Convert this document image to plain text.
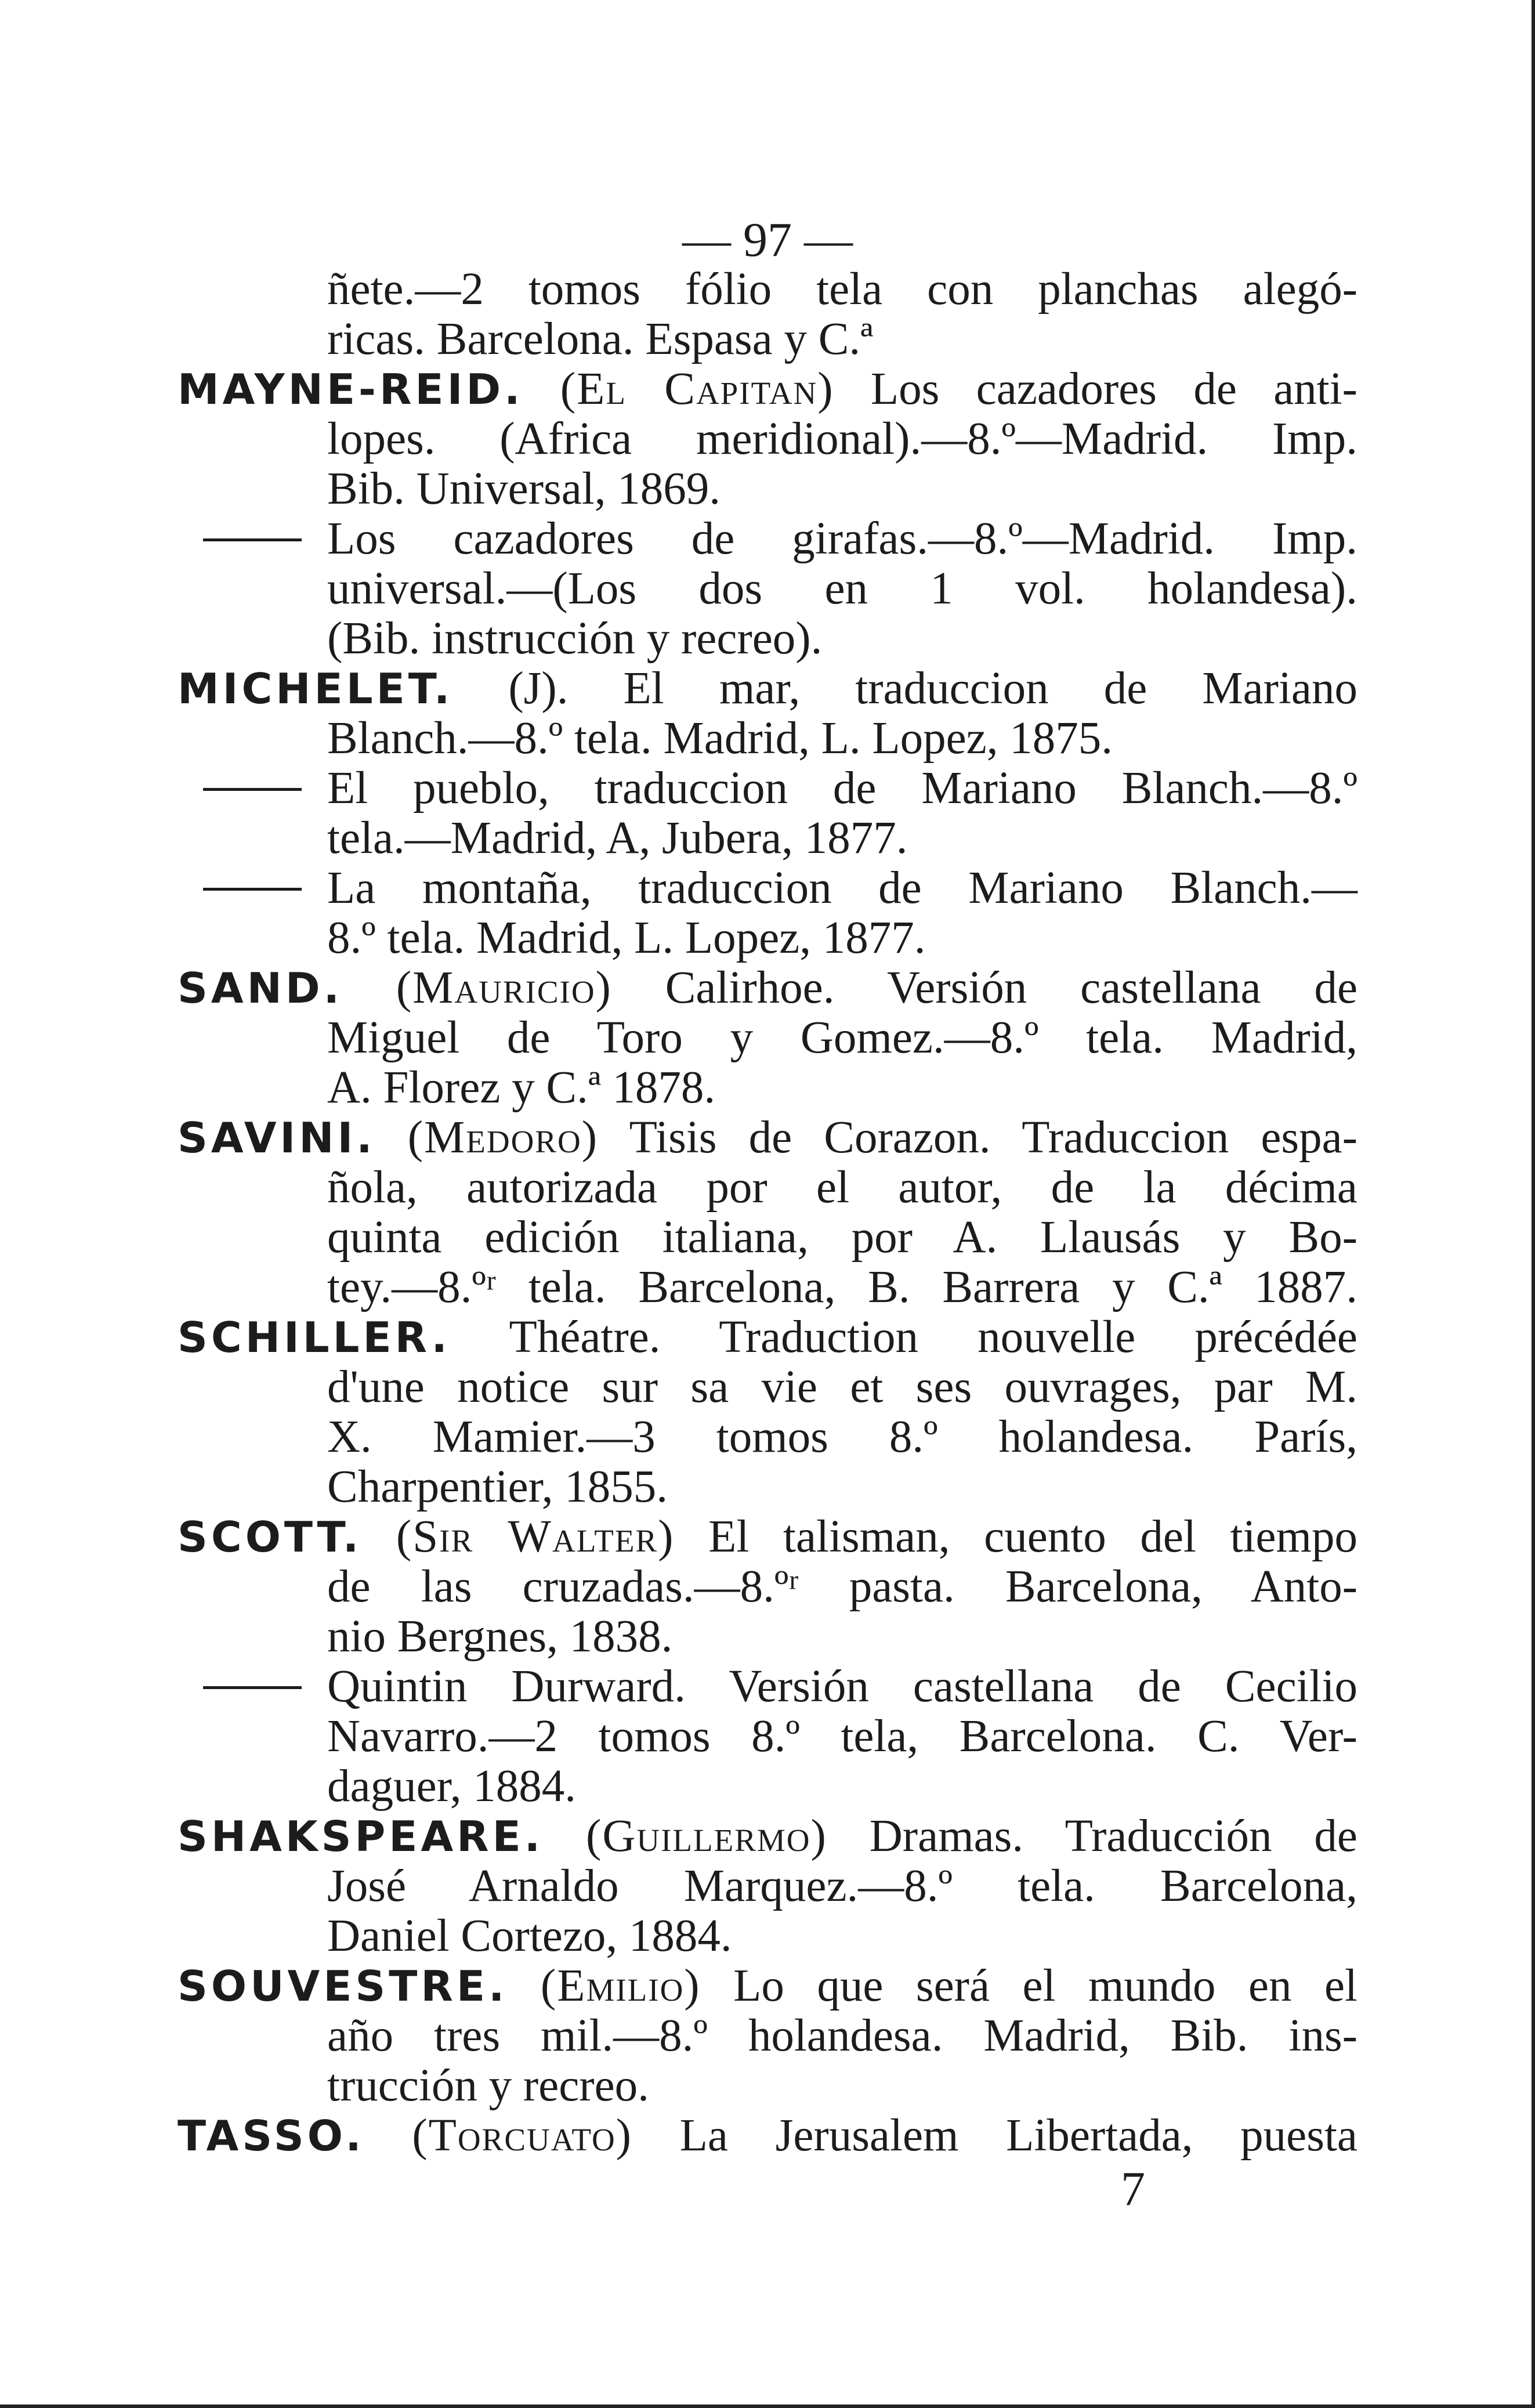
— 97 —
ñete.—2 tomos fólio tela con planchas alegó-
ricas. Barcelona. Espasa y C.ª
MAYNE-REID. (El Capitan) Los cazadores de anti-
lopes. (Africa meridional).—8.º—Madrid. Imp.
Bib. Universal, 1869.
Los cazadores de girafas.—8.º—Madrid. Imp.
universal.—(Los dos en 1 vol. holandesa).
(Bib. instrucción y recreo).
MICHELET. (J). El mar, traduccion de Mariano
Blanch.—8.º tela. Madrid, L. Lopez, 1875.
El pueblo, traduccion de Mariano Blanch.—8.º
tela.—Madrid, A, Jubera, 1877.
La montaña, traduccion de Mariano Blanch.—
8.º tela. Madrid, L. Lopez, 1877.
SAND. (Mauricio) Calirhoe. Versión castellana de
Miguel de Toro y Gomez.—8.º tela. Madrid,
A. Florez y C.ª 1878.
SAVINI. (Medoro) Tisis de Corazon. Traduccion espa-
ñola, autorizada por el autor, de la décima
quinta edición italiana, por A. Llausás y Bo-
tey.—8.ºʳ tela. Barcelona, B. Barrera y C.ª 1887.
SCHILLER. Théatre. Traduction nouvelle précédée
d'une notice sur sa vie et ses ouvrages, par M.
X. Mamier.—3 tomos 8.º holandesa. París,
Charpentier, 1855.
SCOTT. (Sir Walter) El talisman, cuento del tiempo
de las cruzadas.—8.ºʳ pasta. Barcelona, Anto-
nio Bergnes, 1838.
Quintin Durward. Versión castellana de Cecilio
Navarro.—2 tomos 8.º tela, Barcelona. C. Ver-
daguer, 1884.
SHAKSPEARE. (Guillermo) Dramas. Traducción de
José Arnaldo Marquez.—8.º tela. Barcelona,
Daniel Cortezo, 1884.
SOUVESTRE. (Emilio) Lo que será el mundo en el
año tres mil.—8.º holandesa. Madrid, Bib. ins-
trucción y recreo.
TASSO. (Torcuato) La Jerusalem Libertada, puesta
7
